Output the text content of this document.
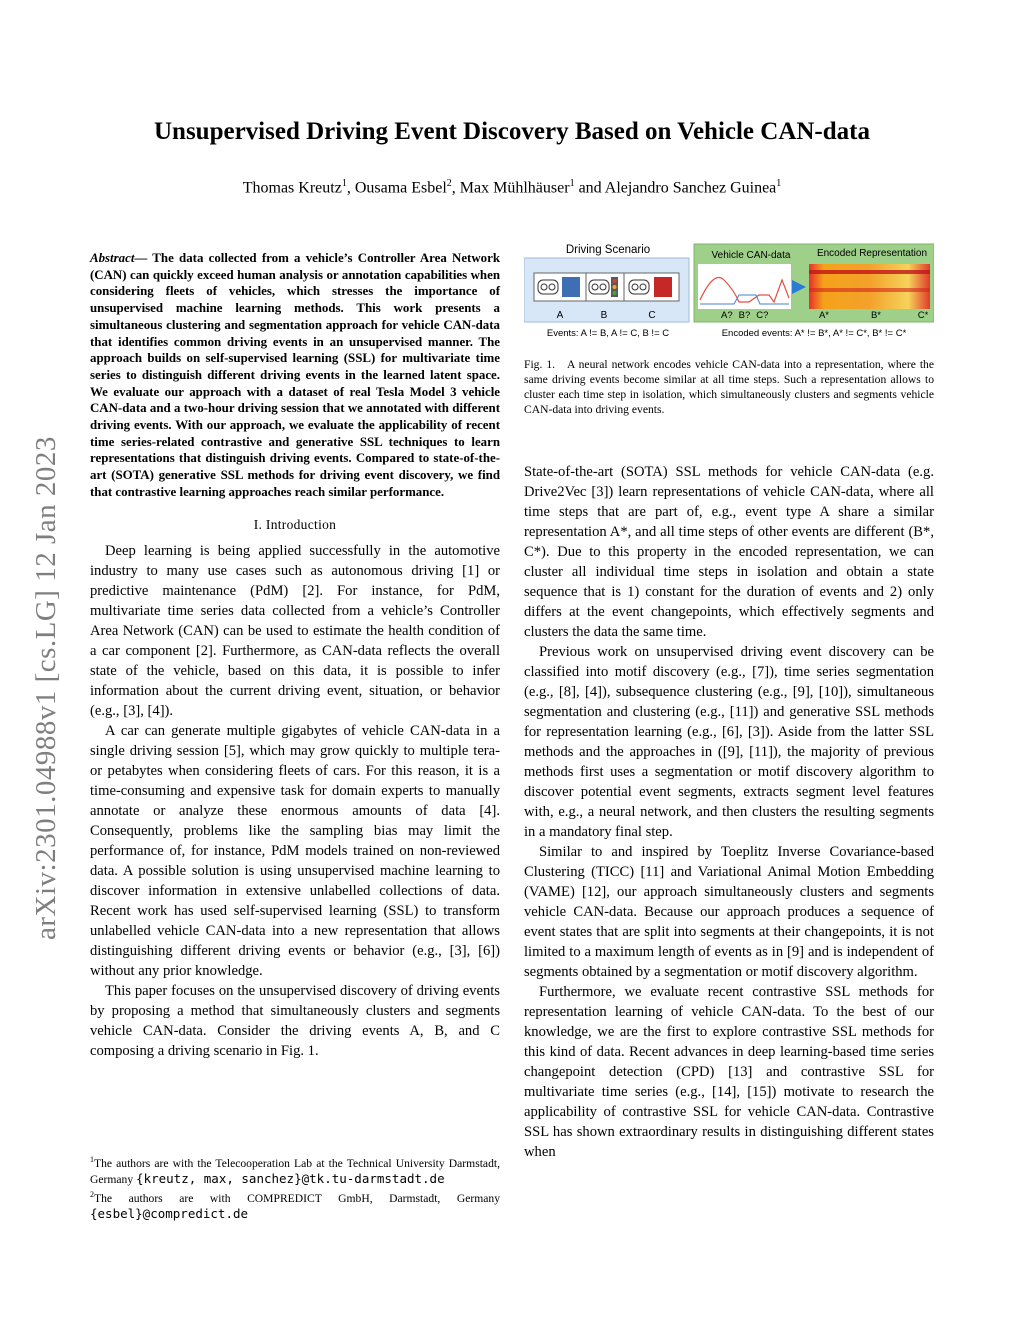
Unsupervised Driving Event Discovery Based on Vehicle CAN-data
Thomas Kreutz$^1$, Ousama Esbel$^2$, Max Mühlhäuser$^1$ and Alejandro Sanchez Guinea$^1$
arXiv:2301.04988v1 [cs.LG] 12 Jan 2023
Abstract— The data collected from a vehicle’s Controller Area Network (CAN) can quickly exceed human analysis or annotation capabilities when considering fleets of vehicles, which stresses the importance of unsupervised machine learning methods. This work presents a simultaneous clustering and segmentation approach for vehicle CAN-data that identifies common driving events in an unsupervised manner. The approach builds on self-supervised learning (SSL) for multivariate time series to distinguish different driving events in the learned latent space. We evaluate our approach with a dataset of real Tesla Model 3 vehicle CAN-data and a two-hour driving session that we annotated with different driving events. With our approach, we evaluate the applicability of recent time series-related contrastive and generative SSL techniques to learn representations that distinguish driving events. Compared to state-of-the-art (SOTA) generative SSL methods for driving event discovery, we find that contrastive learning approaches reach similar performance.
I. Introduction

Deep learning is being applied successfully in the automotive industry to many use cases such as autonomous driving [1] or predictive maintenance (PdM) [2]. For instance, for PdM, multivariate time series data collected from a vehicle’s Controller Area Network (CAN) can be used to estimate the health condition of a car component [2]. Furthermore, as CAN-data reflects the overall state of the vehicle, based on this data, it is possible to infer information about the current driving event, situation, or behavior (e.g., [3], [4]).

A car can generate multiple gigabytes of vehicle CAN-data in a single driving session [5], which may grow quickly to multiple tera- or petabytes when considering fleets of cars. For this reason, it is a time-consuming and expensive task for domain experts to manually annotate or analyze these enormous amounts of data [4]. Consequently, problems like the sampling bias may limit the performance of, for instance, PdM models trained on non-reviewed data. A possible solution is using unsupervised machine learning to discover information in extensive unlabelled collections of data. Recent work has used self-supervised learning (SSL) to transform unlabelled vehicle CAN-data into a new representation that allows distinguishing different driving events or behavior (e.g., [3], [6]) without any prior knowledge.

This paper focuses on the unsupervised discovery of driving events by proposing a method that simultaneously clusters and segments vehicle CAN-data. Consider the driving events A, B, and C composing a driving scenario in Fig. 1.

$^1$The authors are with the Telecooperation Lab at the Technical University Darmstadt, Germany {kreutz, max, sanchez}@tk.tu-darmstadt.de
$^2$The authors are with COMPREDICT GmbH, Darmstadt, Germany {esbel}@compredict.de
Driving Scenario
A	B	C
Events: A != B, A != C, B != C
Vehicle CAN-data	Encoded Representation
A? B? C?	A*	B*	C*
Encoded events: A* != B*, A* != C*, B* != C*
Fig. 1. A neural network encodes vehicle CAN-data into a representation, where the same driving events become similar at all time steps. Such a representation allows to cluster each time step in isolation, which simultaneously clusters and segments vehicle CAN-data into driving events.

State-of-the-art (SOTA) SSL methods for vehicle CAN-data (e.g. Drive2Vec [3]) learn representations of vehicle CAN-data, where all time steps that are part of, e.g., event type A share a similar representation A*, and all time steps of other events are different (B*, C*). Due to this property in the encoded representation, we can cluster all individual time steps in isolation and obtain a state sequence that is 1) constant for the duration of events and 2) only differs at the event changepoints, which effectively segments and clusters the data the same time.

Previous work on unsupervised driving event discovery can be classified into motif discovery (e.g., [7]), time series segmentation (e.g., [8], [4]), subsequence clustering (e.g., [9], [10]), simultaneous segmentation and clustering (e.g., [11]) and generative SSL methods for representation learning (e.g., [6], [3]). Aside from the latter SSL methods and the approaches in ([9], [11]), the majority of previous methods first uses a segmentation or motif discovery algorithm to discover potential event segments, extracts segment level features with, e.g., a neural network, and then clusters the resulting segments in a mandatory final step.

Similar to and inspired by Toeplitz Inverse Covariance-based Clustering (TICC) [11] and Variational Animal Motion Embedding (VAME) [12], our approach simultaneously clusters and segments vehicle CAN-data. Because our approach produces a sequence of event states that are split into segments at their changepoints, it is not limited to a maximum length of events as in [9] and is independent of segments obtained by a segmentation or motif discovery algorithm.

Furthermore, we evaluate recent contrastive SSL methods for representation learning of vehicle CAN-data. To the best of our knowledge, we are the first to explore contrastive SSL methods for this kind of data. Recent advances in deep learning-based time series changepoint detection (CPD) [13] and contrastive SSL for multivariate time series (e.g., [14], [15]) motivate to research the applicability of contrastive SSL for vehicle CAN-data. Contrastive SSL has shown extraordinary results in distinguishing different states when
